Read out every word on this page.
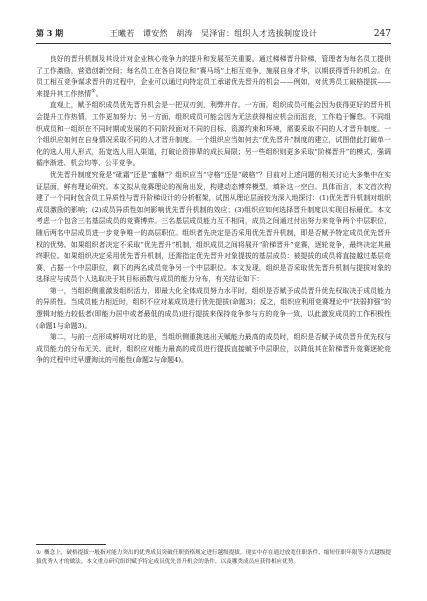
第 3 期	王曦若　谭安然　胡涛　吴泽宙：组织人才选拔制度设计	247

良好的晋升机制及其设计对企业核心竞争力的提升和发展至关重要。通过梯梯晋升阶梯，管理者为每名员工提供了工作激励，营造创新空间；每名员工在各自岗位和“赛马场”上相互竞争，施展自身才华，以期获得晋升的机会。在员工相互竞争谋求晋升的过程中，企业可以通过向特定员工承诺优先晋升的机会——例如，对优秀员工破格提拔——来提升其工作热情①。

直观上，赋予组织成员优先晋升机会是一把双刃剑，利弊并存。一方面，组织成员可能会因为获得更好的晋升机会提升工作热情，工作更加努力；另一方面，组织成员可能会因为无法获得相应机会而沮丧，工作趋于懈怠。不同组织成员和一组织在不同时期或发展的不同阶段面对不同的目标、资源约束和环境，需要采取不同的人才晋升制度。一个组织应如何在自身情况采取不同的人才晋升制度。一个组织应当如何去“优先晋升”制度的建立，试图借此打破单一化的选人用人形式，拓宽选人用人渠道，打破论资排辈的成长局限；另一些组织则更多采取“阶梯晋升”的模式，强调循序渐进、机会均等、公平竞争。

优先晋升制度究竟是“砒霜”还是“蜜糖”？组织应当“守格”还是“破格”？目前对上述问题的相关讨论大多集中在实证层面，鲜有理论研究。本文拟从竞赛理论的视角出发，构建动态博弈模型，填补这一空白。具体而言，本文首次构建了一个同时包含员工异质性与晋升阶梯设计的分析框架，试图从理论层面较为深入地探讨：(1)优先晋升机制对组织成员激励的影响；(2)成员异质性如何影响优先晋升机制的效应；(3)组织应如何选择晋升制度以实现目标最优。本文考虑一个包含三名基层成员的竞赛博弈。三名基层成员能力互不相同，成员之间通过付出努力来竞争两个中层职位，随后两名中层成员进一步竞争唯一的高层职位。组织者先决定是否采用优先晋升机制，即是否赋予特定成员优先晋升权的优势。如果组织者决定不采取“优先晋升”机制，组织成员之间将展开“阶梯晋升”竞赛，逐轮竞争，最终决定其最终职位。如果组织决定采用优先晋升机制，还需指定优先晋升对象提拔的基层成员：被提拔的成员将直接越过基层竞赛，占据一个中层职位，剩下的两名成员竞争另一个中层职位。本文发现，组织是否采取优先晋升机制与提拔对象的选择应与成员个人选取决于其目标函数与成员的能力分布，有关结论如下：

第一，当组织侧重激发组织活力，即最大化全体成员努力水平时，组织是否赋予成员晋升优先权取决于成员能力的异质性。当成员能力相近时，组织不应对某成员进行优先提拔(命题3)；反之，组织应利用竞赛理论中“扶弱抑强”的逻辑对能力较低者(即能力居中或者最低的成员)进行提拔来保持竞争参与方的竞争一致，以此激发成员的工作积极性(命题1与命题3)。

第二，与前一点形成鲜明对比的是，当组织侧重挑选出天赋能力最高的成员时，组织是否赋予成员晋升优先权与成员能力的分布无关。此时，组织应对能力最高的成员进行提拔直接赋予中层职位，以降低其在阶梯晋升竞赛逐轮竞争的过程中过早遭淘汰的可能性(命题2与命题4)。

① 概念上，破格提拔一般指对能力突出的优秀成员突破任职资格规定进行越级提拔。现实中存在通过放宽任职条件、缩短任职年限等方式越级提拔优秀人才的做法。本文重点研究组织赋予特定成员优先晋升机会的条件，以及哪类成员应获得相应优势。
